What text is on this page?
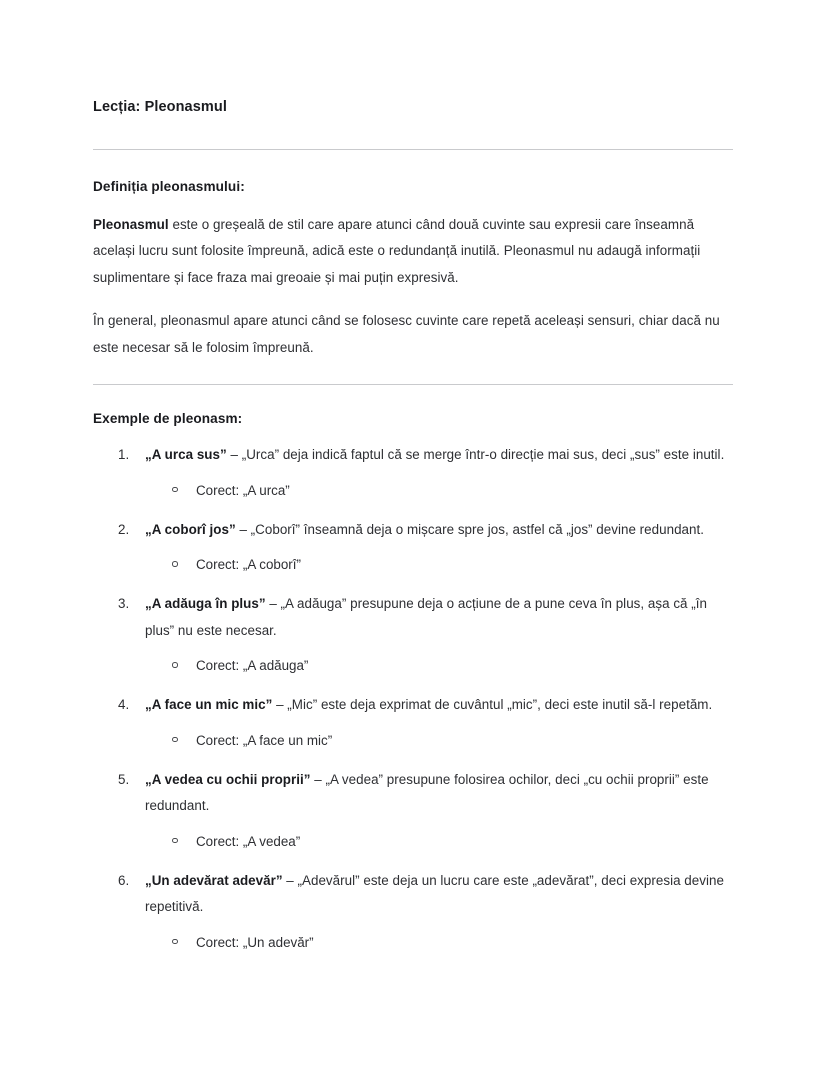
Lecția: Pleonasmul
Definiția pleonasmului:

Pleonasmul este o greșeală de stil care apare atunci când două cuvinte sau expresii care înseamnă același lucru sunt folosite împreună, adică este o redundanță inutilă. Pleonasmul nu adaugă informații suplimentare și face fraza mai greoaie și mai puțin expresivă.

În general, pleonasmul apare atunci când se folosesc cuvinte care repetă aceleași sensuri, chiar dacă nu este necesar să le folosim împreună.

Exemple de pleonasm:
1. „A urca sus” – „Urca” deja indică faptul că se merge într-o direcție mai sus, deci „sus” este inutil.

Corect: „A urca”
2. „A coborî jos” – „Coborî” înseamnă deja o mișcare spre jos, astfel că „jos” devine redundant.

Corect: „A coborî”
3. „A adăuga în plus” – „A adăuga” presupune deja o acțiune de a pune ceva în plus, așa că „în plus” nu este necesar.

Corect: „A adăuga”
4. „A face un mic mic” – „Mic” este deja exprimat de cuvântul „mic”, deci este inutil să-l repetăm.

Corect: „A face un mic”
5. „A vedea cu ochii proprii” – „A vedea” presupune folosirea ochilor, deci „cu ochii proprii” este redundant.

Corect: „A vedea”
6. „Un adevărat adevăr” – „Adevărul” este deja un lucru care este „adevărat”, deci expresia devine repetitivă.

Corect: „Un adevăr”
